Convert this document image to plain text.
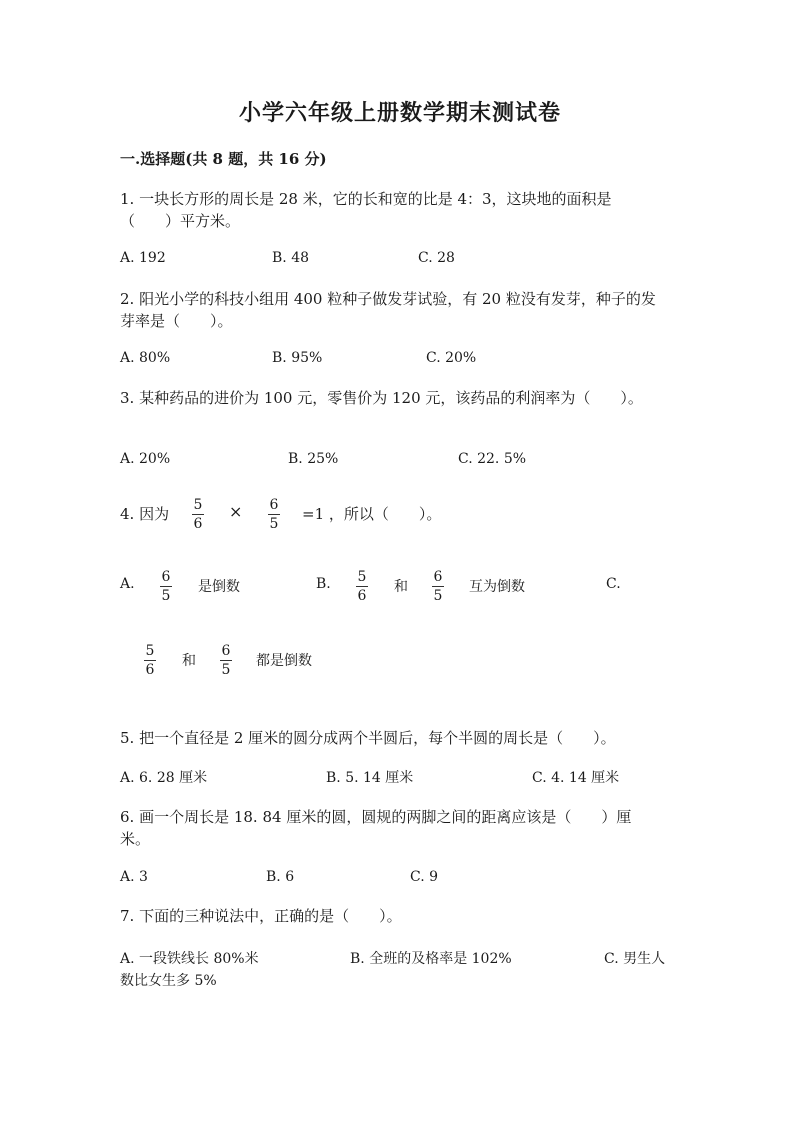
小学六年级上册数学期末测试卷
一.选择题(共 8 题，共 16 分)
1. 一块长方形的周长是 28 米，它的长和宽的比是 4：3，这块地的面积是
（　　）平方米。
A. 192	B. 48	C. 28
2. 阳光小学的科技小组用 400 粒种子做发芽试验，有 20 粒没有发芽，种子的发
芽率是（　　）。
A. 80%	B. 95%	C. 20%
3. 某种药品的进价为 100 元，零售价为 120 元，该药品的利润率为（　　）。
A. 20%	B. 25%	C. 22. 5%
4. 因为 5
6
× 6
5
=1 ，所以（　　）。
A. 6
5
是倒数	B. 5
6
和
6
5
互为倒数	C.
5
6
和
6
5
都是倒数
5. 把一个直径是 2 厘米的圆分成两个半圆后，每个半圆的周长是（　　）。
A. 6. 28 厘米	B. 5. 14 厘米	C. 4. 14 厘米
6. 画一个周长是 18. 84 厘米的圆，圆规的两脚之间的距离应该是（　　）厘
米。
A. 3	B. 6	C. 9
7. 下面的三种说法中，正确的是（　　）。
A. 一段铁线长 80%米	B. 全班的及格率是 102%	C. 男生人
数比女生多 5%
